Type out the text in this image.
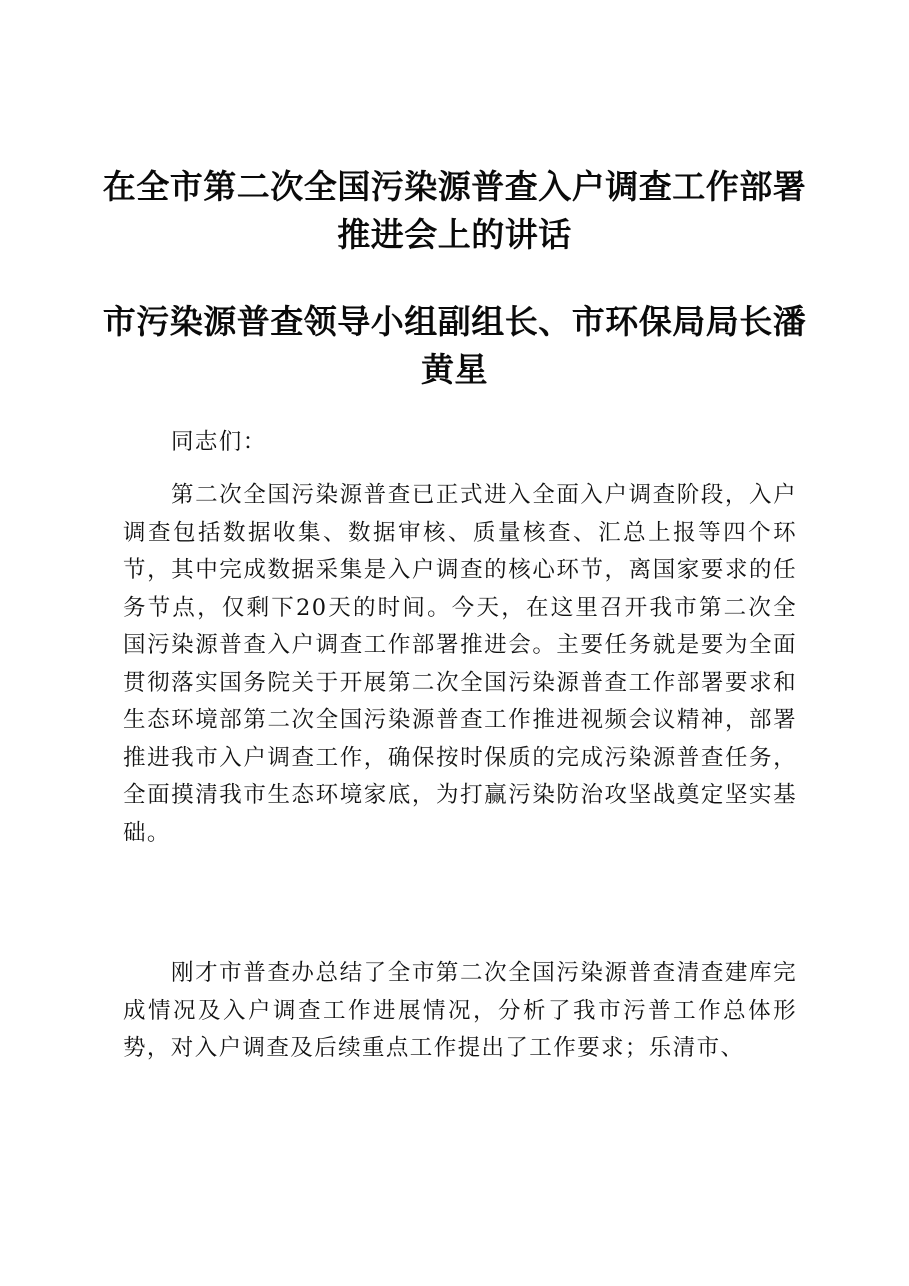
在全市第二次全国污染源普查入户调查工作部署推进会上的讲话
市污染源普查领导小组副组长、市环保局局长潘黄星

同志们：

第二次全国污染源普查已正式进入全面入户调查阶段，入户调查包括数据收集、数据审核、质量核查、汇总上报等四个环节，其中完成数据采集是入户调查的核心环节，离国家要求的任务节点，仅剩下20天的时间。今天，在这里召开我市第二次全国污染源普查入户调查工作部署推进会。主要任务就是要为全面贯彻落实国务院关于开展第二次全国污染源普查工作部署要求和生态环境部第二次全国污染源普查工作推进视频会议精神，部署推进我市入户调查工作，确保按时保质的完成污染源普查任务，全面摸清我市生态环境家底，为打赢污染防治攻坚战奠定坚实基础。

刚才市普查办总结了全市第二次全国污染源普查清查建库完成情况及入户调查工作进展情况，分析了我市污普工作总体形势，对入户调查及后续重点工作提出了工作要求；乐清市、
